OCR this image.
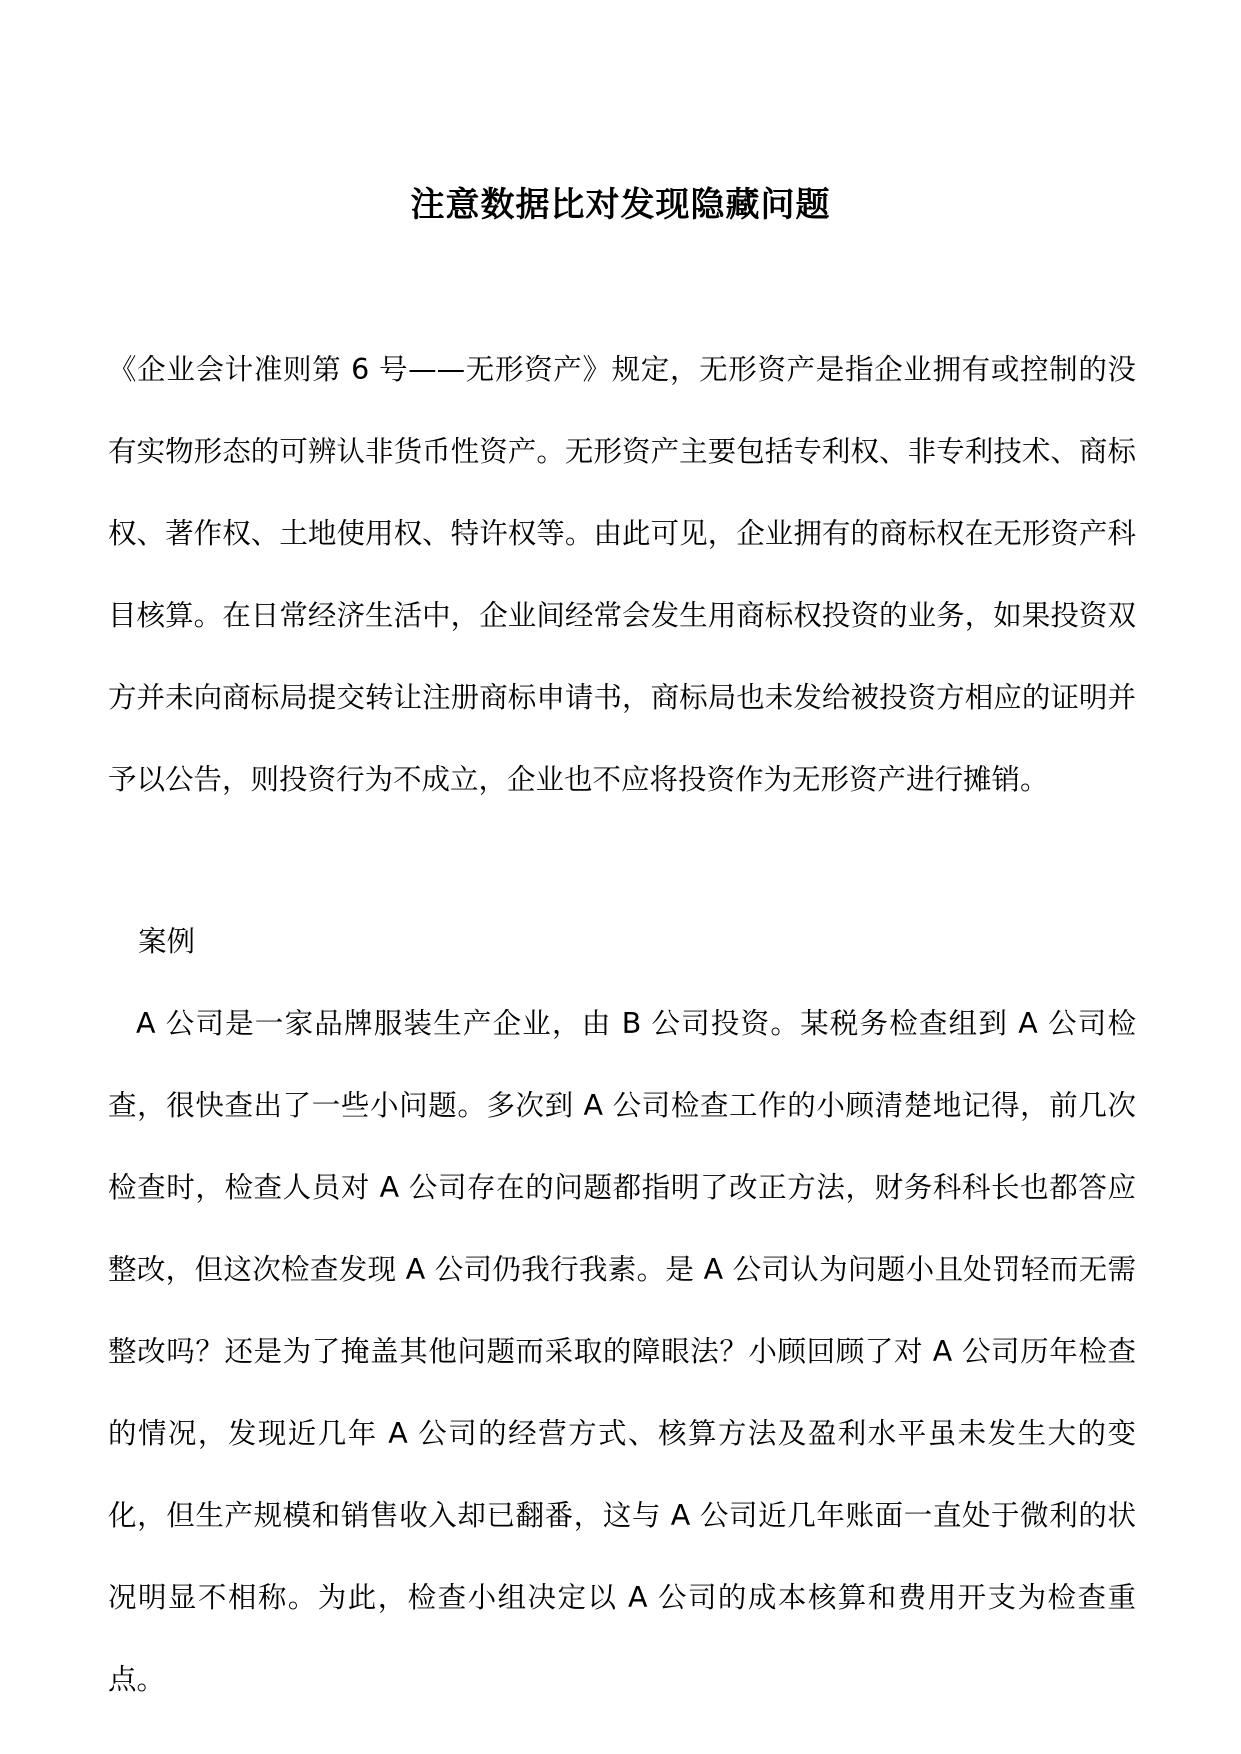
注意数据比对发现隐藏问题

《企业会计准则第 6 号——无形资产》规定，无形资产是指企业拥有或控制的没有实物形态的可辨认非货币性资产。无形资产主要包括专利权、非专利技术、商标权、著作权、土地使用权、特许权等。由此可见，企业拥有的商标权在无形资产科目核算。在日常经济生活中，企业间经常会发生用商标权投资的业务，如果投资双方并未向商标局提交转让注册商标申请书，商标局也未发给被投资方相应的证明并予以公告，则投资行为不成立，企业也不应将投资作为无形资产进行摊销。

案例

A 公司是一家品牌服装生产企业，由 B 公司投资。某税务检查组到 A 公司检查，很快查出了一些小问题。多次到 A 公司检查工作的小顾清楚地记得，前几次检查时，检查人员对 A 公司存在的问题都指明了改正方法，财务科科长也都答应整改，但这次检查发现 A 公司仍我行我素。是 A 公司认为问题小且处罚轻而无需整改吗？还是为了掩盖其他问题而采取的障眼法？小顾回顾了对 A 公司历年检查的情况，发现近几年 A 公司的经营方式、核算方法及盈利水平虽未发生大的变化，但生产规模和销售收入却已翻番，这与 A 公司近几年账面一直处于微利的状况明显不相称。为此，检查小组决定以 A 公司的成本核算和费用开支为检查重点。
